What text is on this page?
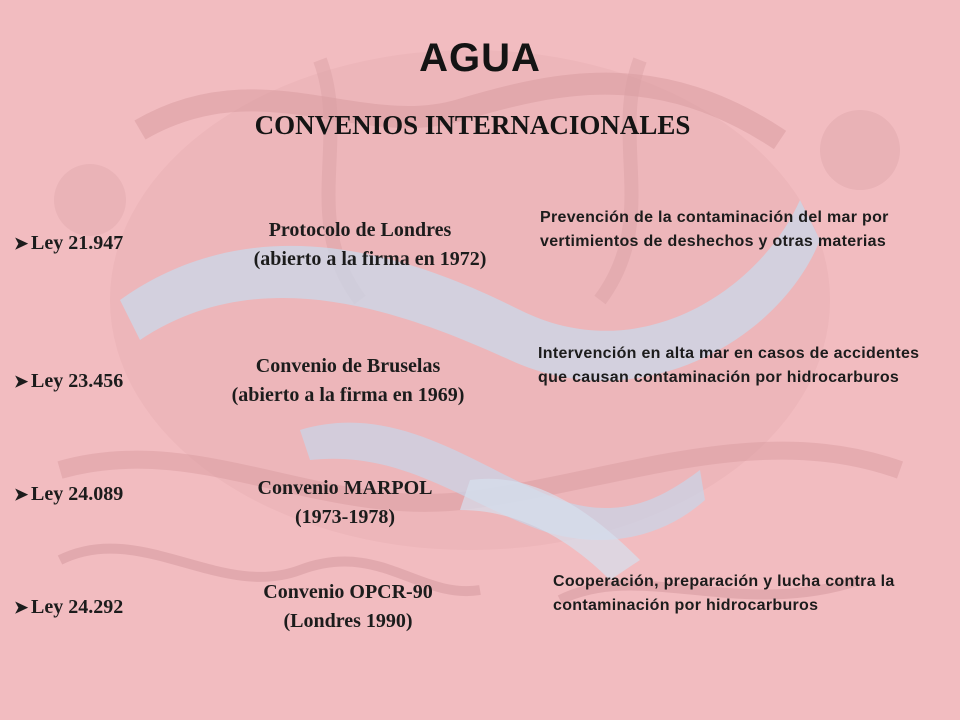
AGUA
CONVENIOS INTERNACIONALES
➤ Ley 21.947
Protocolo de Londres
(abierto a la firma en 1972)
Prevención de la contaminación del mar por vertimientos de deshechos y otras materias
➤ Ley 23.456
Convenio de Bruselas
(abierto a la firma en 1969)
Intervención en alta mar en casos de accidentes que causan contaminación por hidrocarburos
➤ Ley 24.089	Convenio MARPOL
(1973-1978)
➤ Ley 24.292
Convenio OPCR-90
(Londres 1990)
Cooperación, preparación y lucha contra la contaminación por hidrocarburos
